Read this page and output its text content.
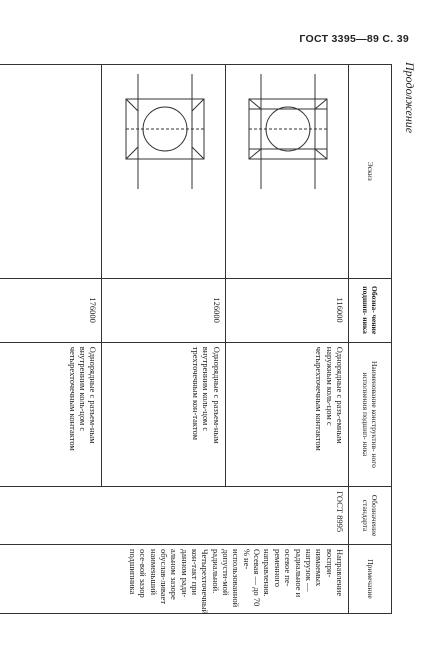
ГОСТ 3395—89 С. 39
Продолжение
Эскиз	Обозна- чение подшип- ника	Наименование конструктив- ного исполнения подшип- ника	Обозначение стандарта	Примечание
	116000	Однорядные с разъ-емным наружным коль-цом с четырехточечным контактом	ГОСТ 8995	Направление воспри-нимаемых нагрузок — радиальное и осевое пе-ременного направления. Осевая — до 70 % не-использованной допусти-мой радиальной. Четырехточечный кон-такт при данном ради-альном зазоре обуслав-ливает наименьший осе-вой зазор подшипника
	126000	Однорядные с разъем-ным внутренним коль-цом с трехточечным кон-тактом		
	176000	Однорядные с разъем-ным внутренним коль-цом с четырехточечным контактом		
